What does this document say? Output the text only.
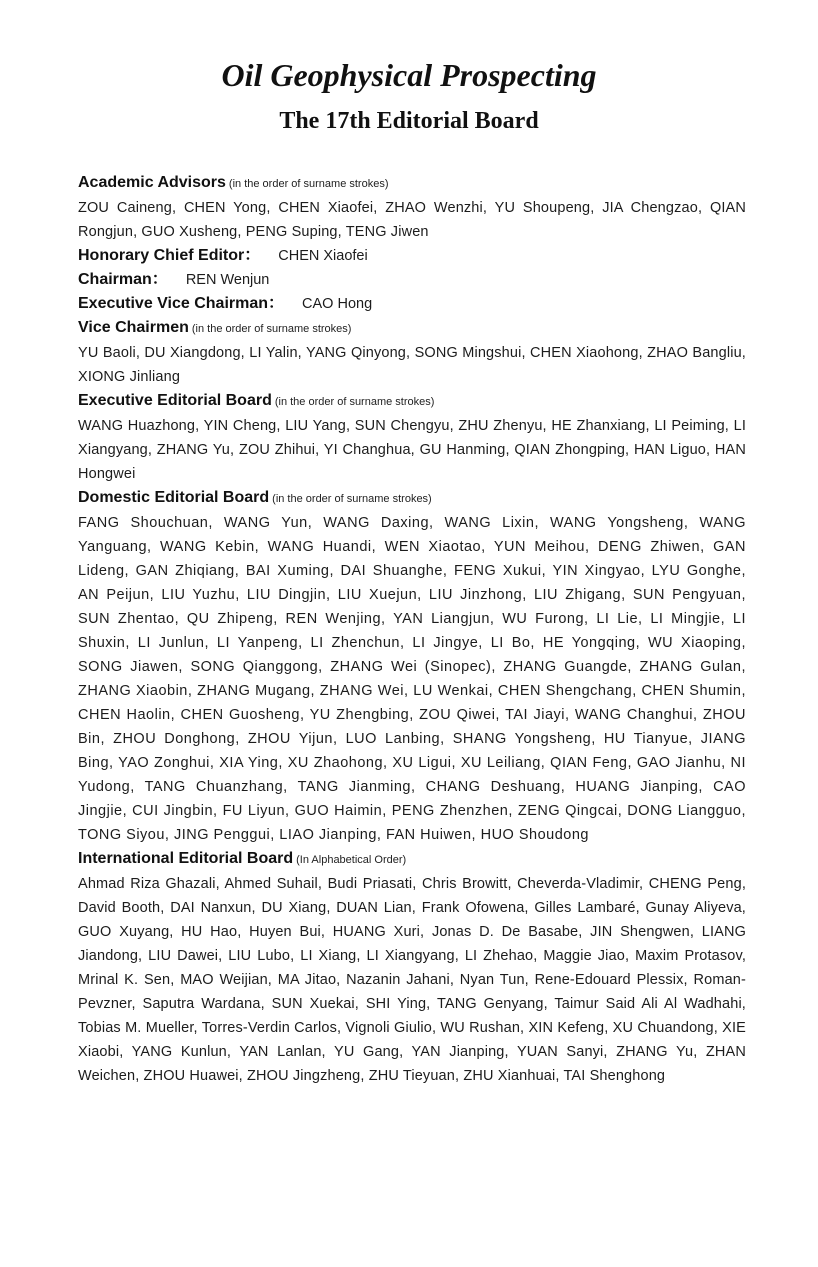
Oil Geophysical Prospecting
The 17th Editorial Board
Academic Advisors (in the order of surname strokes)
ZOU Caineng, CHEN Yong, CHEN Xiaofei, ZHAO Wenzhi, YU Shoupeng, JIA Chengzao, QIAN Rongjun, GUO Xusheng, PENG Suping, TENG Jiwen
Honorary Chief Editor： CHEN Xiaofei
Chairman： REN Wenjun
Executive Vice Chairman： CAO Hong
Vice Chairmen (in the order of surname strokes)
YU Baoli, DU Xiangdong, LI Yalin, YANG Qinyong, SONG Mingshui, CHEN Xiaohong, ZHAO Bangliu, XIONG Jinliang
Executive Editorial Board (in the order of surname strokes)
WANG Huazhong, YIN Cheng, LIU Yang, SUN Chengyu, ZHU Zhenyu, HE Zhanxiang, LI Peiming, LI Xiangyang, ZHANG Yu, ZOU Zhihui, YI Changhua, GU Hanming, QIAN Zhongping, HAN Liguo, HAN Hongwei
Domestic Editorial Board (in the order of surname strokes)
FANG Shouchuan, WANG Yun, WANG Daxing, WANG Lixin, WANG Yongsheng, WANG Yanguang, WANG Kebin, WANG Huandi, WEN Xiaotao, YUN Meihou, DENG Zhiwen, GAN Lideng, GAN Zhiqiang, BAI Xuming, DAI Shuanghe, FENG Xukui, YIN Xingyao, LYU Gonghe, AN Peijun, LIU Yuzhu, LIU Dingjin, LIU Xuejun, LIU Jinzhong, LIU Zhigang, SUN Pengyuan, SUN Zhentao, QU Zhipeng, REN Wenjing, YAN Liangjun, WU Furong, LI Lie, LI Mingjie, LI Shuxin, LI Junlun, LI Yanpeng, LI Zhenchun, LI Jingye, LI Bo, HE Yongqing, WU Xiaoping, SONG Jiawen, SONG Qianggong, ZHANG Wei (Sinopec), ZHANG Guangde, ZHANG Gulan, ZHANG Xiaobin, ZHANG Mugang, ZHANG Wei, LU Wenkai, CHEN Shengchang, CHEN Shumin, CHEN Haolin, CHEN Guosheng, YU Zhengbing, ZOU Qiwei, TAI Jiayi, WANG Changhui, ZHOU Bin, ZHOU Donghong, ZHOU Yijun, LUO Lanbing, SHANG Yongsheng, HU Tianyue, JIANG Bing, YAO Zonghui, XIA Ying, XU Zhaohong, XU Ligui, XU Leiliang, QIAN Feng, GAO Jianhu, NI Yudong, TANG Chuanzhang, TANG Jianming, CHANG Deshuang, HUANG Jianping, CAO Jingjie, CUI Jingbin, FU Liyun, GUO Haimin, PENG Zhenzhen, ZENG Qingcai, DONG Liangguo, TONG Siyou, JING Penggui, LIAO Jianping, FAN Huiwen, HUO Shoudong
International Editorial Board (In Alphabetical Order)
Ahmad Riza Ghazali, Ahmed Suhail, Budi Priasati, Chris Browitt, Cheverda-Vladimir, CHENG Peng, David Booth, DAI Nanxun, DU Xiang, DUAN Lian, Frank Ofowena, Gilles Lambaré, Gunay Aliyeva, GUO Xuyang, HU Hao, Huyen Bui, HUANG Xuri, Jonas D. De Basabe, JIN Shengwen, LIANG Jiandong, LIU Dawei, LIU Lubo, LI Xiang, LI Xiangyang, LI Zhehao, Maggie Jiao, Maxim Protasov, Mrinal K. Sen, MAO Weijian, MA Jitao, Nazanin Jahani, Nyan Tun, Rene-Edouard Plessix, Roman-Pevzner, Saputra Wardana, SUN Xuekai, SHI Ying, TANG Genyang, Taimur Said Ali Al Wadhahi, Tobias M. Mueller, Torres-Verdin Carlos, Vignoli Giulio, WU Rushan, XIN Kefeng, XU Chuandong, XIE Xiaobi, YANG Kunlun, YAN Lanlan, YU Gang, YAN Jianping, YUAN Sanyi, ZHANG Yu, ZHAN Weichen, ZHOU Huawei, ZHOU Jingzheng, ZHU Tieyuan, ZHU Xianhuai, TAI Shenghong
